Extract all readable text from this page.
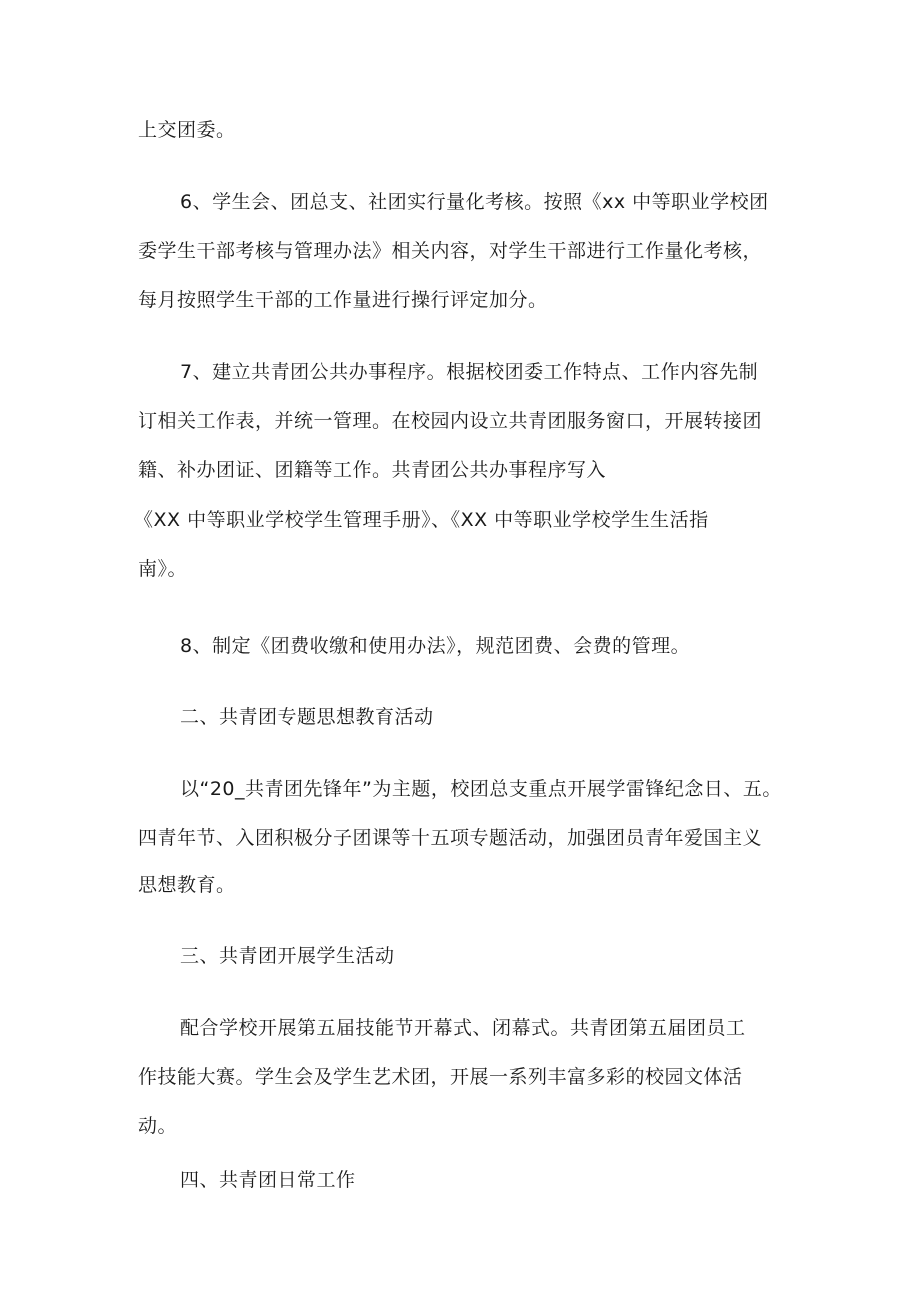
上交团委。
6、学生会、团总支、社团实行量化考核。按照《xx 中等职业学校团
委学生干部考核与管理办法》相关内容，对学生干部进行工作量化考核，
每月按照学生干部的工作量进行操行评定加分。
7、建立共青团公共办事程序。根据校团委工作特点、工作内容先制
订相关工作表，并统一管理。在校园内设立共青团服务窗口，开展转接团
籍、补办团证、团籍等工作。共青团公共办事程序写入
《XX 中等职业学校学生管理手册》、《XX 中等职业学校学生生活指
南》。
8、制定《团费收缴和使用办法》，规范团费、会费的管理。
二、共青团专题思想教育活动
以“20_共青团先锋年”为主题，校团总支重点开展学雷锋纪念日、五。
四青年节、入团积极分子团课等十五项专题活动，加强团员青年爱国主义
思想教育。
三、共青团开展学生活动
配合学校开展第五届技能节开幕式、闭幕式。共青团第五届团员工
作技能大赛。学生会及学生艺术团，开展一系列丰富多彩的校园文体活
动。
四、共青团日常工作
